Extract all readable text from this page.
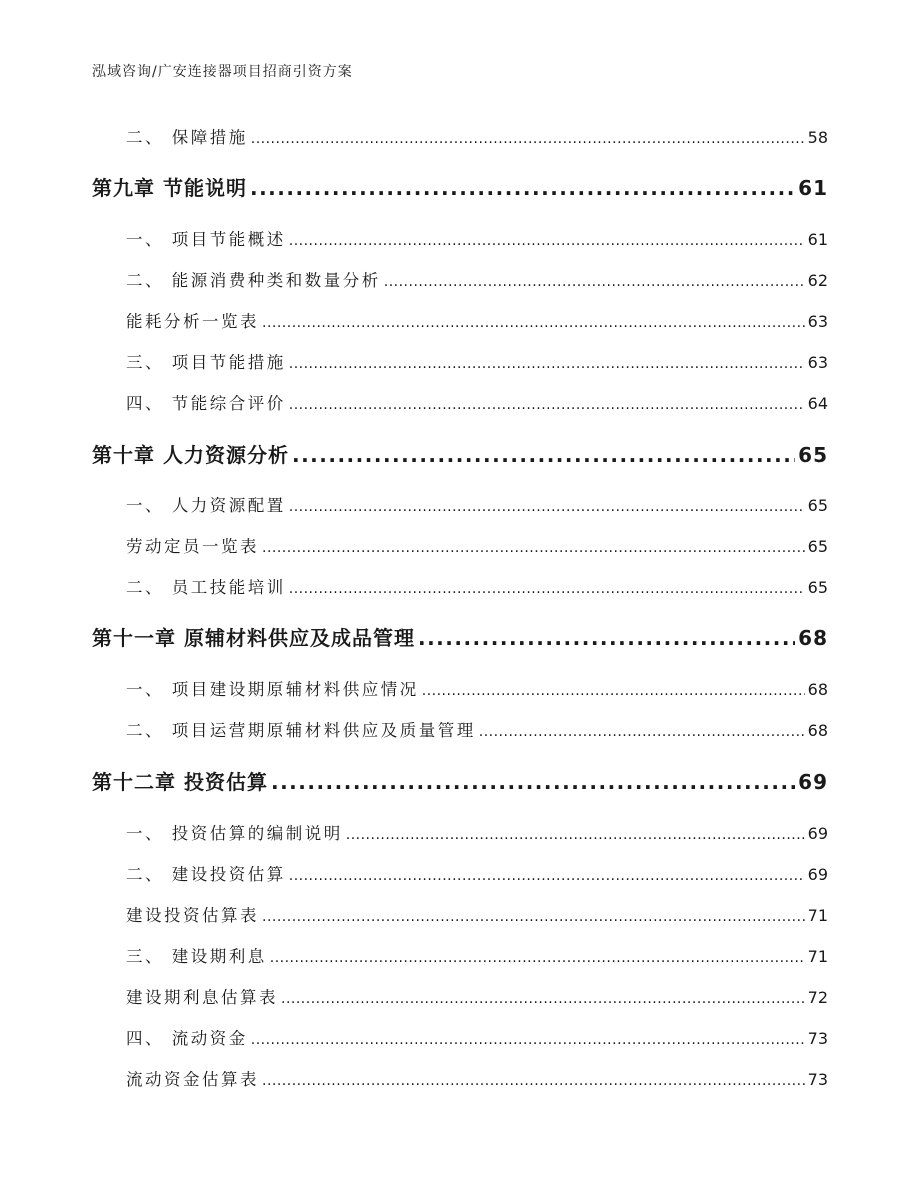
泓域咨询/广安连接器项目招商引资方案
二、 保障措施 .....	58
第九章 节能说明 .....	61
一、 项目节能概述 .....	61
二、 能源消费种类和数量分析 .....	62
能耗分析一览表 .....	63
三、 项目节能措施 .....	63
四、 节能综合评价 .....	64
第十章 人力资源分析 .....	65
一、 人力资源配置 .....	65
劳动定员一览表 .....	65
二、 员工技能培训 .....	65
第十一章 原辅材料供应及成品管理 .....	68
一、 项目建设期原辅材料供应情况 .....	68
二、 项目运营期原辅材料供应及质量管理 .....	68
第十二章 投资估算 .....	69
一、 投资估算的编制说明 .....	69
二、 建设投资估算 .....	69
建设投资估算表 .....	71
三、 建设期利息 .....	71
建设期利息估算表 .....	72
四、 流动资金 .....	73
流动资金估算表 .....	73
